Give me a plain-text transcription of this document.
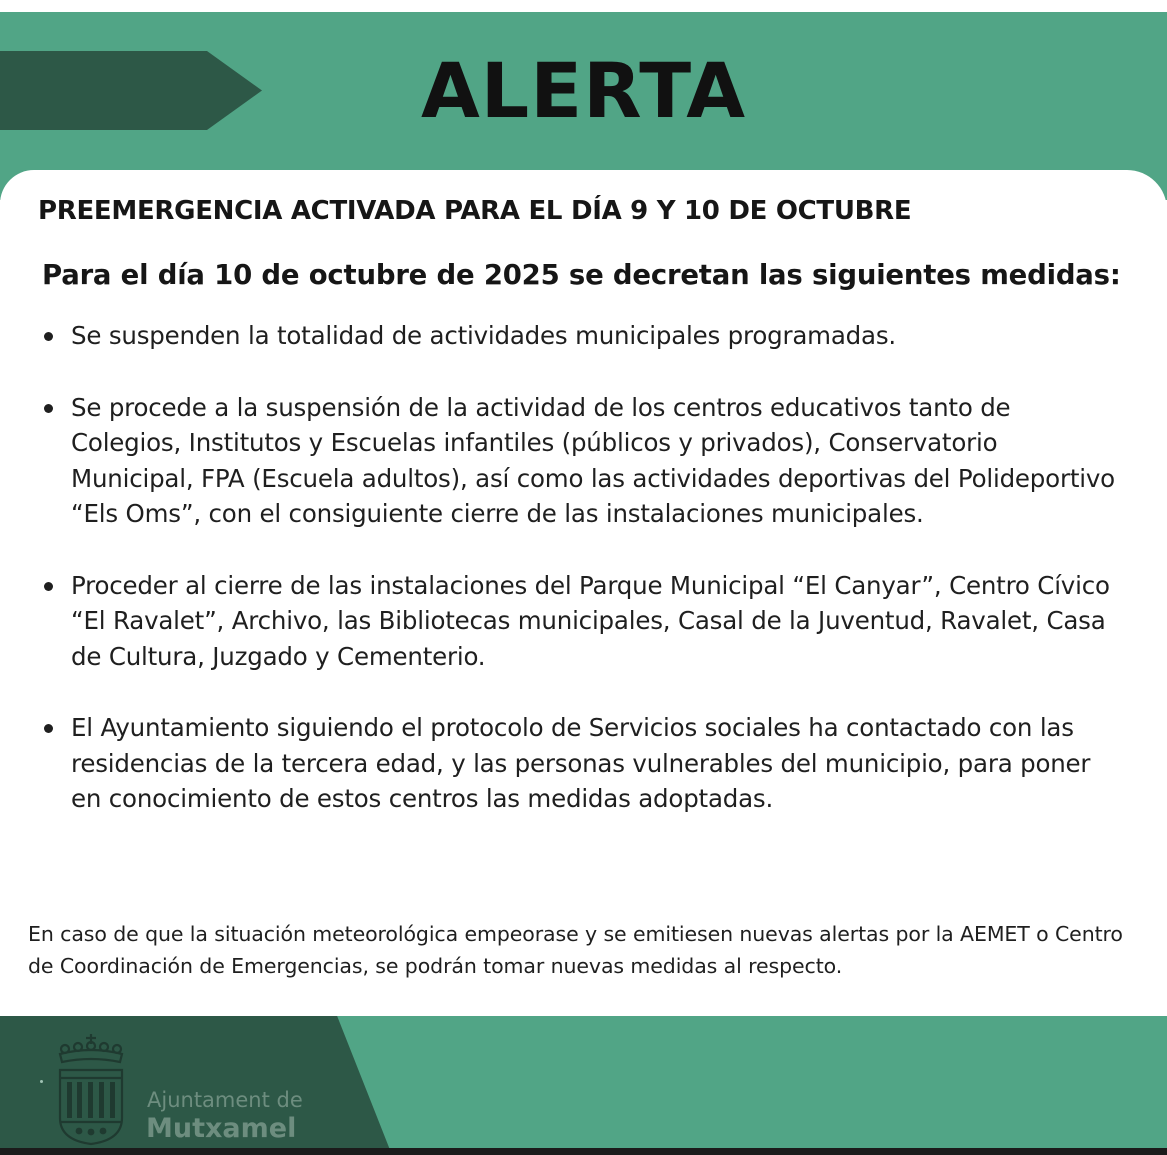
ALERTA
PREEMERGENCIA ACTIVADA PARA EL DÍA 9 Y 10 DE OCTUBRE
Para el día 10 de octubre de 2025 se decretan las siguientes medidas:
Se suspenden la totalidad de actividades municipales programadas.
Se procede a la suspensión de la actividad de los centros educativos tanto de Colegios, Institutos y Escuelas infantiles (públicos y privados), Conservatorio Municipal, FPA (Escuela adultos), así como las actividades deportivas del Polideportivo “Els Oms”, con el consiguiente cierre de las instalaciones municipales.
Proceder al cierre de las instalaciones del Parque Municipal “El Canyar”, Centro Cívico “El Ravalet”, Archivo, las Bibliotecas municipales, Casal de la Juventud, Ravalet, Casa de Cultura, Juzgado y Cementerio.
El Ayuntamiento siguiendo el protocolo de Servicios sociales ha contactado con las residencias de la tercera edad, y las personas vulnerables del municipio, para poner en conocimiento de estos centros las medidas adoptadas.
En caso de que la situación meteorológica empeorase y se emitiesen nuevas alertas por la AEMET o Centro de Coordinación de Emergencias, se podrán tomar nuevas medidas al respecto.
Ajuntament de
Mutxamel
